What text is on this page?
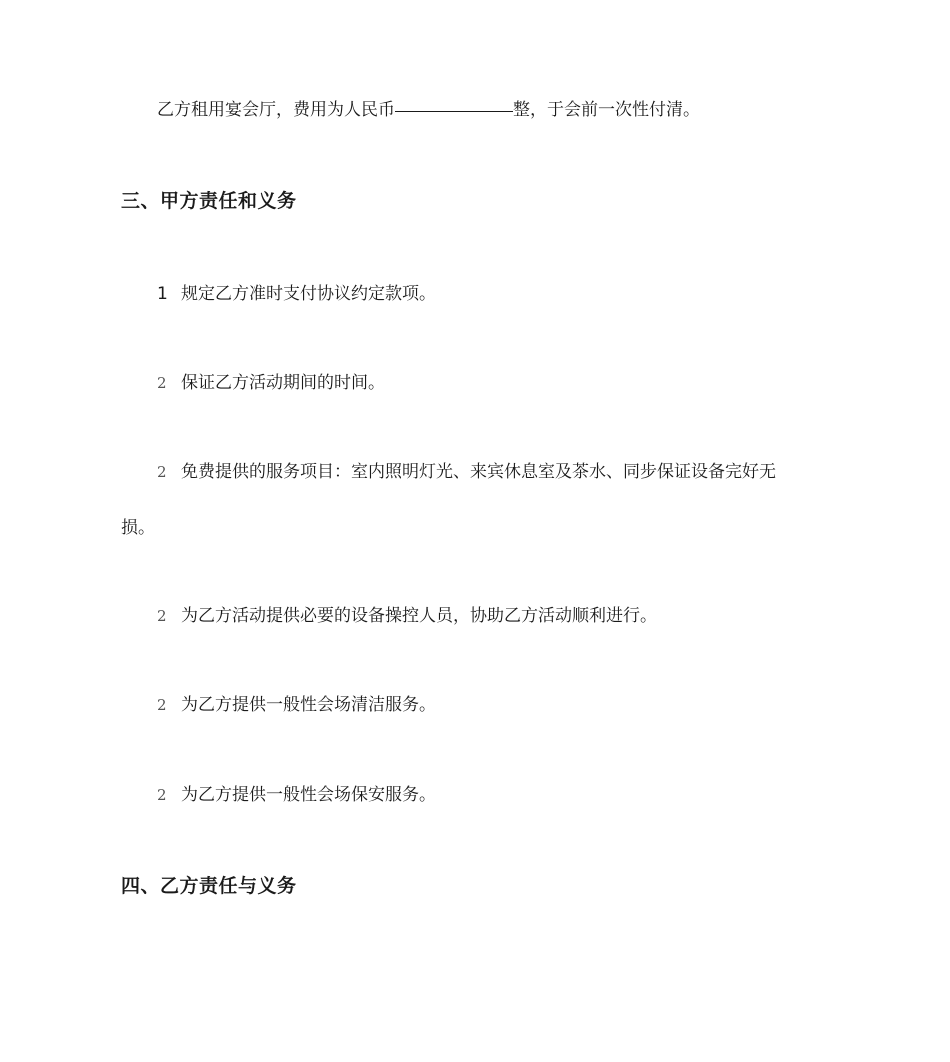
乙方租用宴会厅，费用为人民币	整，于会前一次性付清。
三、甲方责任和义务
1 规定乙方准时支付协议约定款项。
2 保证乙方活动期间的时间。
2 免费提供的服务项目：室内照明灯光、来宾休息室及茶水、同步保证设备完好无
损。
2 为乙方活动提供必要的设备操控人员，协助乙方活动顺利进行。
2 为乙方提供一般性会场清洁服务。
2 为乙方提供一般性会场保安服务。
四、乙方责任与义务
